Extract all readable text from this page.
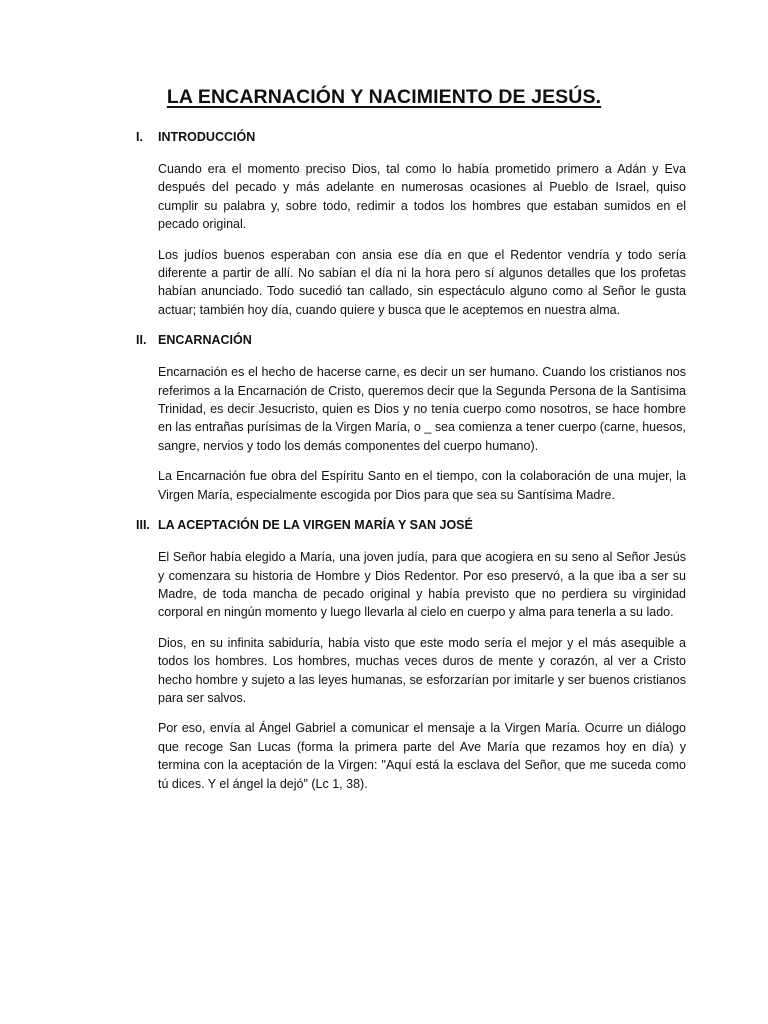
LA ENCARNACIÓN Y NACIMIENTO DE JESÚS.
I.	INTRODUCCIÓN

Cuando era el momento preciso Dios, tal como lo había prometido primero a Adán y Eva después del pecado y más adelante en numerosas ocasiones al Pueblo de Israel, quiso cumplir su palabra y, sobre todo, redimir a todos los hombres que estaban sumidos en el pecado original.

Los judíos buenos esperaban con ansia ese día en que el Redentor vendría y todo sería diferente a partir de allí. No sabían el día ni la hora pero sí algunos detalles que los profetas habían anunciado. Todo sucedió tan callado, sin espectáculo alguno como al Señor le gusta actuar; también hoy día, cuando quiere y busca que le aceptemos en nuestra alma.

II. ENCARNACIÓN

Encarnación es el hecho de hacerse carne, es decir un ser humano. Cuando los cristianos nos referimos a la Encarnación de Cristo, queremos decir que la Segunda Persona de la Santísima Trinidad, es decir Jesucristo, quien es Dios y no tenía cuerpo como nosotros, se hace hombre en las entrañas purísimas de la Virgen María, o _ sea comienza a tener cuerpo (carne, huesos, sangre, nervios y todo los demás componentes del cuerpo humano).

La Encarnación fue obra del Espíritu Santo en el tiempo, con la colaboración de una mujer, la Virgen María, especialmente escogida por Dios para que sea su Santísima Madre.

III. LA ACEPTACIÓN DE LA VIRGEN MARÍA Y SAN JOSÉ

El Señor había elegido a María, una joven judía, para que acogiera en su seno al Señor Jesús y comenzara su historia de Hombre y Dios Redentor. Por eso preservó, a la que iba a ser su Madre, de toda mancha de pecado original y había previsto que no perdiera su virginidad corporal en ningún momento y luego llevarla al cielo en cuerpo y alma para tenerla a su lado.

Dios, en su infinita sabiduría, había visto que este modo sería el mejor y el más asequible a todos los hombres. Los hombres, muchas veces duros de mente y corazón, al ver a Cristo hecho hombre y sujeto a las leyes humanas, se esforzarían por imitarle y ser buenos cristianos para ser salvos.

Por eso, envía al Ángel Gabriel a comunicar el mensaje a la Virgen María. Ocurre un diálogo que recoge San Lucas (forma la primera parte del Ave María que rezamos hoy en día) y termina con la aceptación de la Virgen: "Aquí está la esclava del Señor, que me suceda como tú dices. Y el ángel la dejó" (Lc 1, 38).
